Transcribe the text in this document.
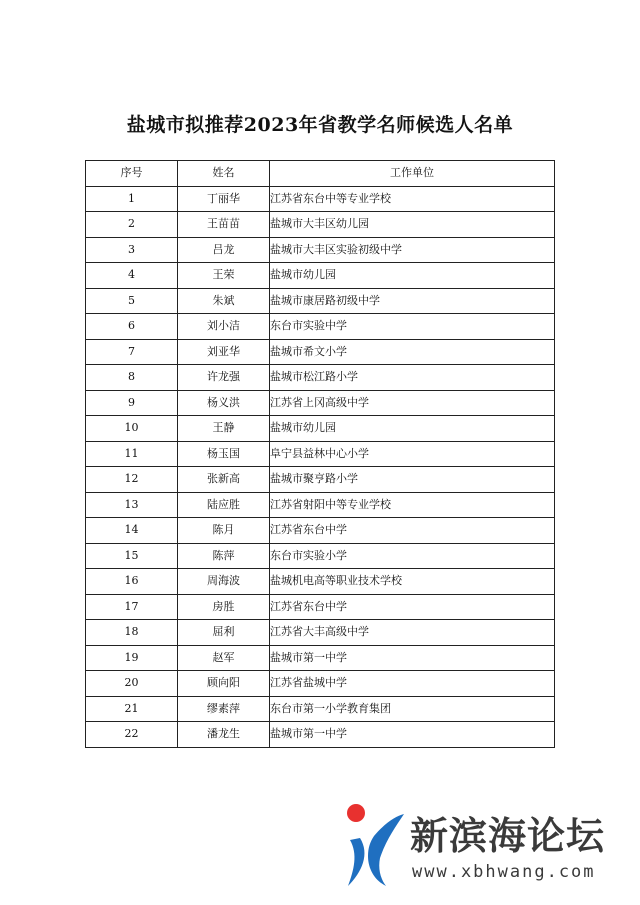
盐城市拟推荐2023年省教学名师候选人名单
序号	姓名	工作单位
1	丁丽华	江苏省东台中等专业学校
2	王苗苗	盐城市大丰区幼儿园
3	吕龙	盐城市大丰区实验初级中学
4	王荣	盐城市幼儿园
5	朱斌	盐城市康居路初级中学
6	刘小洁	东台市实验中学
7	刘亚华	盐城市希文小学
8	许龙强	盐城市松江路小学
9	杨义洪	江苏省上冈高级中学
10	王静	盐城市幼儿园
11	杨玉国	阜宁县益林中心小学
12	张新高	盐城市聚亨路小学
13	陆应胜	江苏省射阳中等专业学校
14	陈月	江苏省东台中学
15	陈萍	东台市实验小学
16	周海波	盐城机电高等职业技术学校
17	房胜	江苏省东台中学
18	屈利	江苏省大丰高级中学
19	赵军	盐城市第一中学
20	顾向阳	江苏省盐城中学
21	缪素萍	东台市第一小学教育集团
22	潘龙生	盐城市第一中学
新滨海论坛
www.xbhwang.com
